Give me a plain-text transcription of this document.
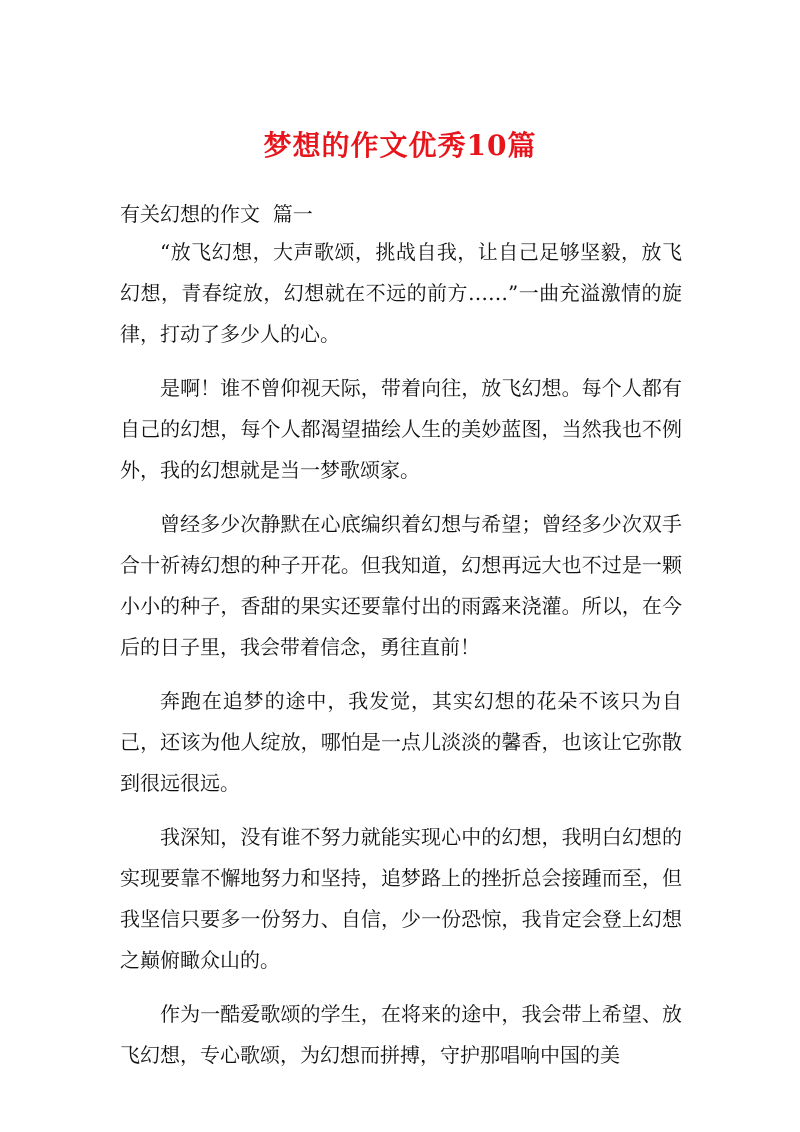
梦想的作文优秀10篇
有关幻想的作文  篇一

“放飞幻想，大声歌颂，挑战自我，让自己足够坚毅，放飞幻想，青春绽放，幻想就在不远的前方……”一曲充溢激情的旋律，打动了多少人的心。

是啊！谁不曾仰视天际，带着向往，放飞幻想。每个人都有自己的幻想，每个人都渴望描绘人生的美妙蓝图，当然我也不例外，我的幻想就是当一梦歌颂家。

曾经多少次静默在心底编织着幻想与希望；曾经多少次双手合十祈祷幻想的种子开花。但我知道，幻想再远大也不过是一颗小小的种子，香甜的果实还要靠付出的雨露来浇灌。所以，在今后的日子里，我会带着信念，勇往直前！

奔跑在追梦的途中，我发觉，其实幻想的花朵不该只为自己，还该为他人绽放，哪怕是一点儿淡淡的馨香，也该让它弥散到很远很远。

我深知，没有谁不努力就能实现心中的幻想，我明白幻想的实现要靠不懈地努力和坚持，追梦路上的挫折总会接踵而至，但我坚信只要多一份努力、自信，少一份恐惊，我肯定会登上幻想之巅俯瞰众山的。

作为一酷爱歌颂的学生，在将来的途中，我会带上希望、放飞幻想，专心歌颂，为幻想而拼搏，守护那唱响中国的美
